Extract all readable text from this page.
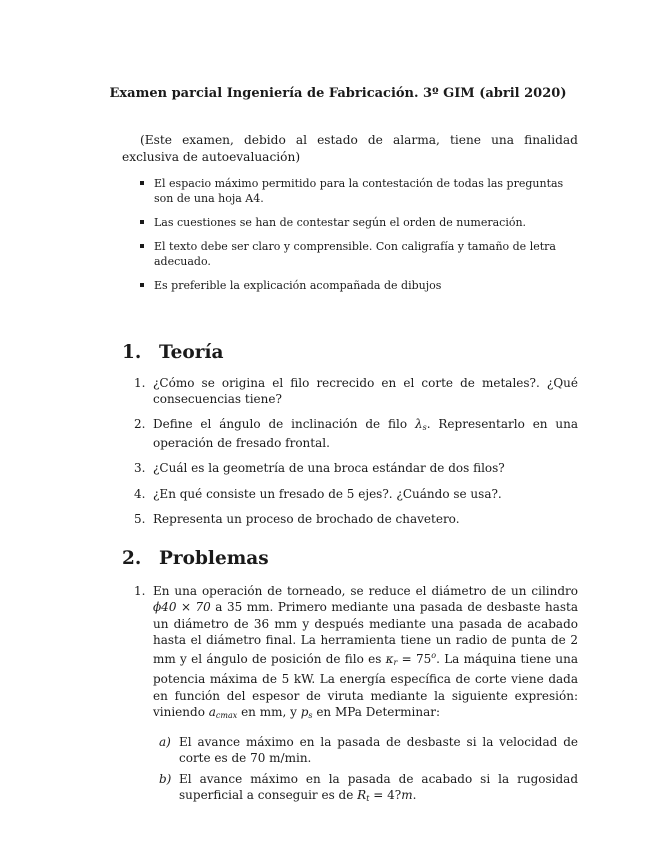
Examen parcial Ingeniería de Fabricación. 3º GIM (abril 2020)
(Este examen, debido al estado de alarma, tiene una finalidad exclusiva de autoevaluación)
El espacio máximo permitido para la contestación de todas las preguntas son de una hoja A4.
Las cuestiones se han de contestar según el orden de numeración.
El texto debe ser claro y comprensible. Con caligrafía y tamaño de letra adecuado.
Es preferible la explicación acompañada de dibujos
1. Teoría
1. ¿Cómo se origina el filo recrecido en el corte de metales?. ¿Qué consecuencias tiene?
2. Define el ángulo de inclinación de filo λs. Representarlo en una operación de fresado frontal.
3. ¿Cuál es la geometría de una broca estándar de dos filos?
4. ¿En qué consiste un fresado de 5 ejes?. ¿Cuándo se usa?.
5. Representa un proceso de brochado de chavetero.
2. Problemas
1. En una operación de torneado, se reduce el diámetro de un cilindro ϕ40 × 70 a 35 mm. Primero mediante una pasada de desbaste hasta un diámetro de 36 mm y después mediante una pasada de acabado hasta el diámetro final. La herramienta tiene un radio de punta de 2 mm y el ángulo de posición de filo es $\kappa r = 75^o$. La máquina tiene una potencia máxima de 5 kW. La energía específica de corte viene dada en función del espesor de viruta mediante la siguiente expresión: viniendo acmax en mm, y ps en MPa Determinar:
a) El avance máximo en la pasada de desbaste si la velocidad de corte es de 70 m/min.
b) El avance máximo en la pasada de acabado si la rugosidad superficial a conseguir es de Rt = 4?m.
